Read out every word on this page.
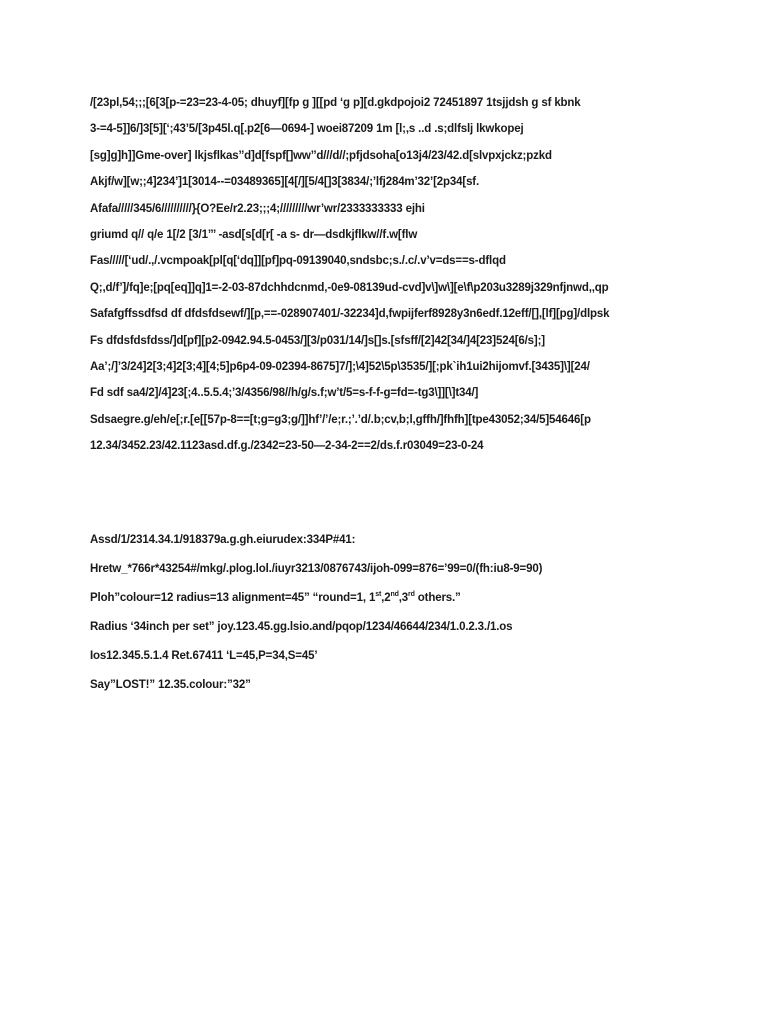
/[23pl,54;;;[6[3[p-=23=23-4-05; dhuyf][fp g ][[pd ‘g p][d.gkdpojoi2 72451897 1tsjjdsh g sf kbnk
3-=4-5]]6/]3[5][‘;43’5/[3p45l.q[.p2[6—0694-] woei87209 1m [l;,s ..d .s;dlfslj lkwkopej
[sg]g]h]]Gme-over] lkjsflkas’’d]d[fspf[]ww’’d///d//;pfjdsoha[o13j4/23/42.d[slvpxjckz;pzkd
Akjf/w][w;;4]234’]1[3014--=03489365][4[/][5/4[]3[3834/;’lfj284m’32’[2p34[sf.
Afafa/////345/6//////////}{O?Ee/r2.23;;;4;/////////wr’wr/2333333333 ejhi
griumd q// q/e 1[/2 [3/1’’’ -asd[s[d[r[ -a s- dr—dsdkjflkw//f.w[flw
Fas/////[‘ud/.,/.vcmpoak[pl[q[‘dq]][pf]pq-09139040,sndsbc;s./.c/.v’v=ds==s-dflqd
Q;,d/f’]/fq]e;[pq[eq]]q]1=-2-03-87dchhdcnmd,-0e9-08139ud-cvd]v\]w\][e\f\p203u3289j329nfjnwd,,qp
Safafgffssdfsd df dfdsfdsewf/][p,==-028907401/-32234]d,fwpijferf8928y3n6edf.12eff/[],[lf][pg]/dlpsk
Fs dfdsfdsfdss/]d[pf][p2-0942.94.5-0453/][3/p031/14/]s[]s.[sfsff/[2]42[34/]4[23]524[6/s];]
Aa’;/]’3/24]2[3;4]2[3;4][4;5]p6p4-09-02394-8675]7/];\4]52\5p\3535/][;pk`ih1ui2hijomvf.[3435]\][24/
Fd sdf sa4/2]/4]23[;4..5.5.4;’3/4356/98//h/g/s.f;w’t/5=s-f-f-g=fd=-tg3\]][\]t34/]
Sdsaegre.g/eh/e[;r.[e[[57p-8==[t;g=g3;g/]]hf’/’/e;r.;’.’d/.b;cv,b;l,gffh/]fhfh][tpe43052;34/5]54646[p
12.34/3452.23/42.1123asd.df.g./2342=23-50—2-34-2==2/ds.f.r03049=23-0-24
Assd/1/2314.34.1/918379a.g.gh.eiurudex:334P#41:
Hretw_*766r*43254#/mkg/.plog.lol./iuyr3213/0876743/ijoh-099=876=’99=0/(fh:iu8-9=90)
Ploh”colour=12 radius=13 alignment=45” “round=1, 1st,2nd,3rd others.”
Radius ‘34inch per set” joy.123.45.gg.lsio.and/pqop/1234/46644/234/1.0.2.3./1.os
Ios12.345.5.1.4 Ret.67411 ‘L=45,P=34,S=45’
Say”LOST!” 12.35.colour:”32”
